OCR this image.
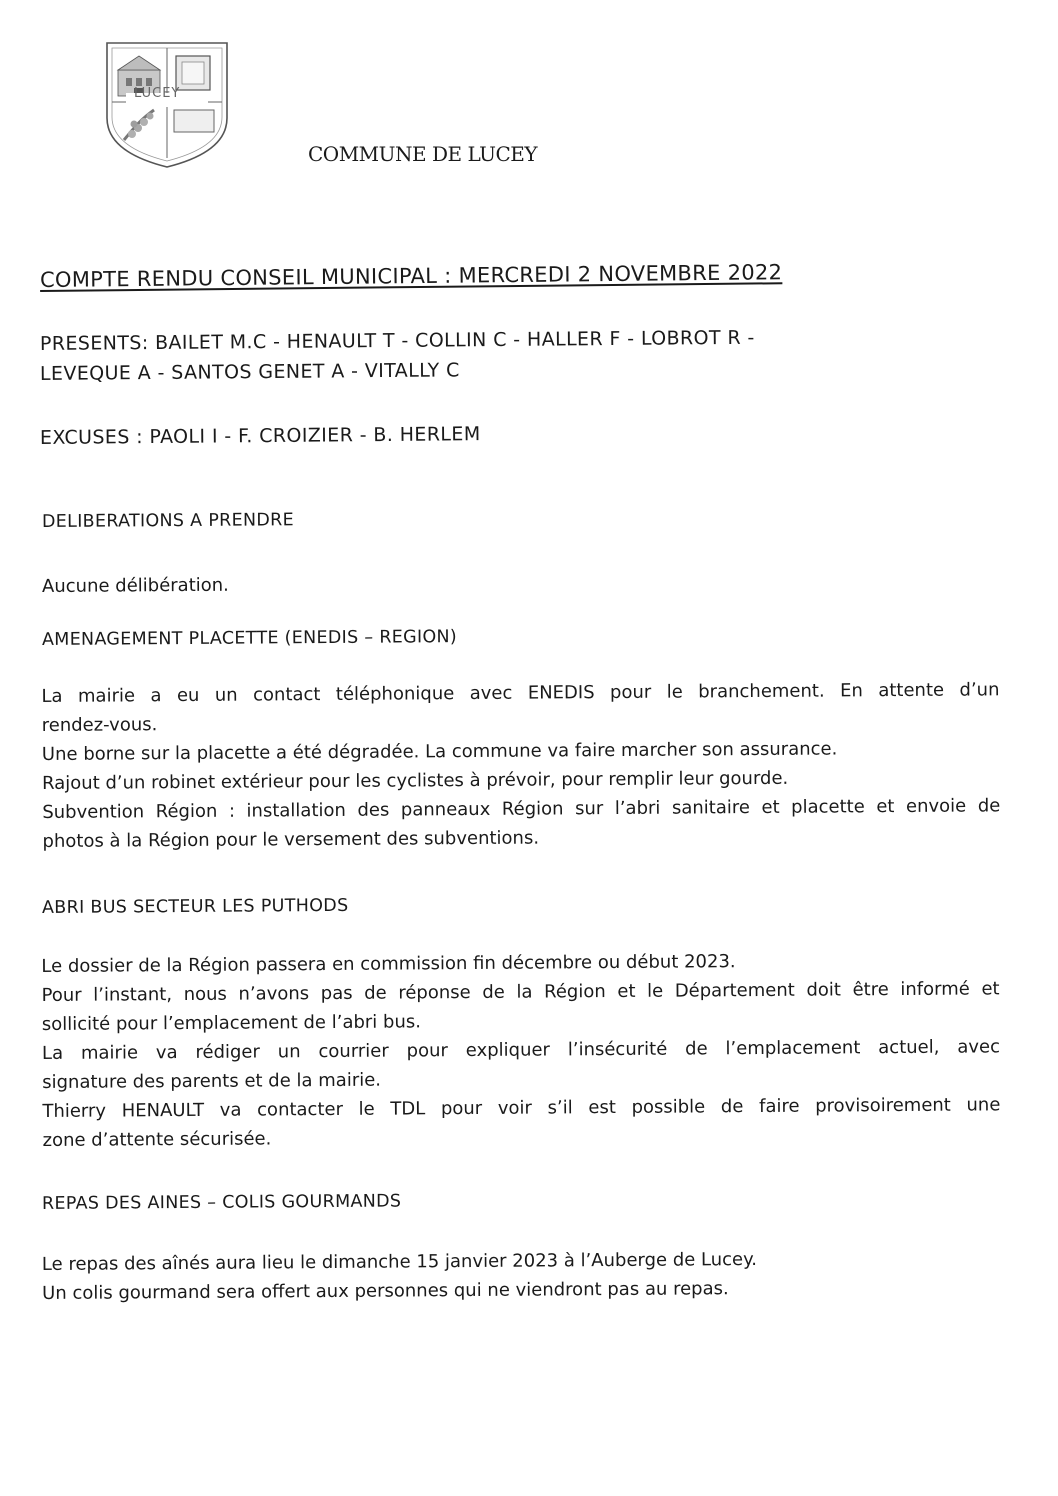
LUCEY
COMMUNE DE LUCEY
COMPTE RENDU CONSEIL MUNICIPAL : MERCREDI 2 NOVEMBRE 2022
PRESENTS: BAILET M.C - HENAULT T - COLLIN C - HALLER F - LOBROT R -
LEVEQUE A - SANTOS GENET A - VITALLY C
EXCUSES : PAOLI I - F. CROIZIER - B. HERLEM
DELIBERATIONS A PRENDRE
Aucune délibération.
AMENAGEMENT PLACETTE (ENEDIS – REGION)
La mairie a eu un contact téléphonique avec ENEDIS pour le branchement. En attente d’un
rendez-vous.
Une borne sur la placette a été dégradée. La commune va faire marcher son assurance.
Rajout d’un robinet extérieur pour les cyclistes à prévoir, pour remplir leur gourde.
Subvention Région : installation des panneaux Région sur l’abri sanitaire et placette et envoie de
photos à la Région pour le versement des subventions.
ABRI BUS SECTEUR LES PUTHODS
Le dossier de la Région passera en commission fin décembre ou début 2023.
Pour l’instant, nous n’avons pas de réponse de la Région et le Département doit être informé et
sollicité pour l’emplacement de l’abri bus.
La mairie va rédiger un courrier pour expliquer l’insécurité de l’emplacement actuel, avec
signature des parents et de la mairie.
Thierry HENAULT va contacter le TDL pour voir s’il est possible de faire provisoirement une
zone d’attente sécurisée.
REPAS DES AINES – COLIS GOURMANDS
Le repas des aînés aura lieu le dimanche 15 janvier 2023 à l’Auberge de Lucey.
Un colis gourmand sera offert aux personnes qui ne viendront pas au repas.
